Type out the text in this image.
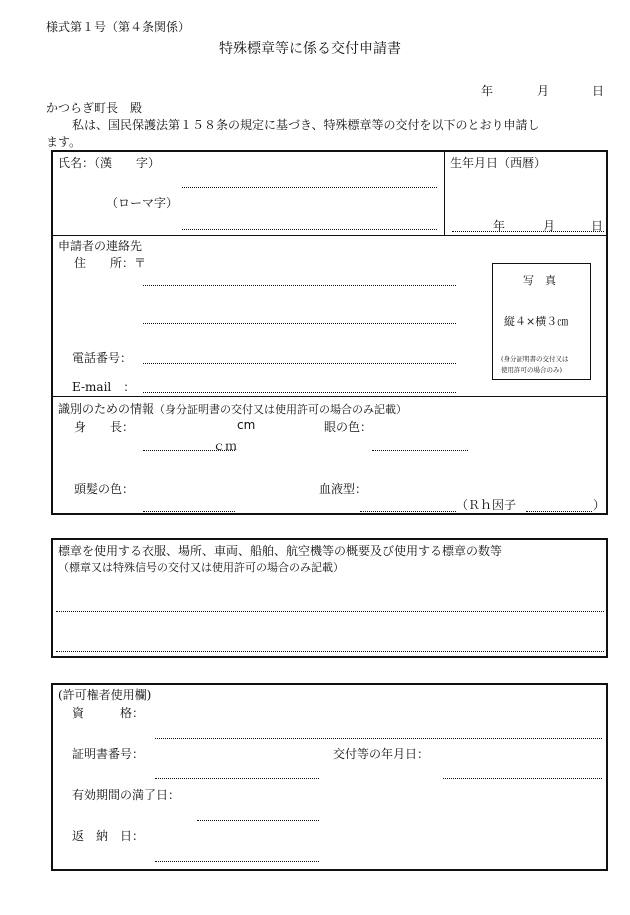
様式第１号（第４条関係）
特殊標章等に係る交付申請書
年	月	日
かつらぎ町長　殿
私は、国民保護法第１５８条の規定に基づき、特殊標章等の交付を以下のとおり申請し
ます。
氏名：（漢　　字）
（ローマ字）
生年月日（西暦）
年	月	日
申請者の連絡先
住　　所：〒
電話番号：
E-mail　：
写　真
縦４×横３㎝
(身分証明書の交付又は
使用許可の場合のみ)
識別のための情報（身分証明書の交付又は使用許可の場合のみ記載）
身　　長：	cm
ｃｍ
眼の色：
頭髪の色：	血液型：
（Ｒｈ因子	）
標章を使用する衣服、場所、車両、船舶、航空機等の概要及び使用する標章の数等
（標章又は特殊信号の交付又は使用許可の場合のみ記載）
(許可権者使用欄)
資　　　格：
証明書番号：	交付等の年月日：
有効期間の満了日：
返　納　日：
